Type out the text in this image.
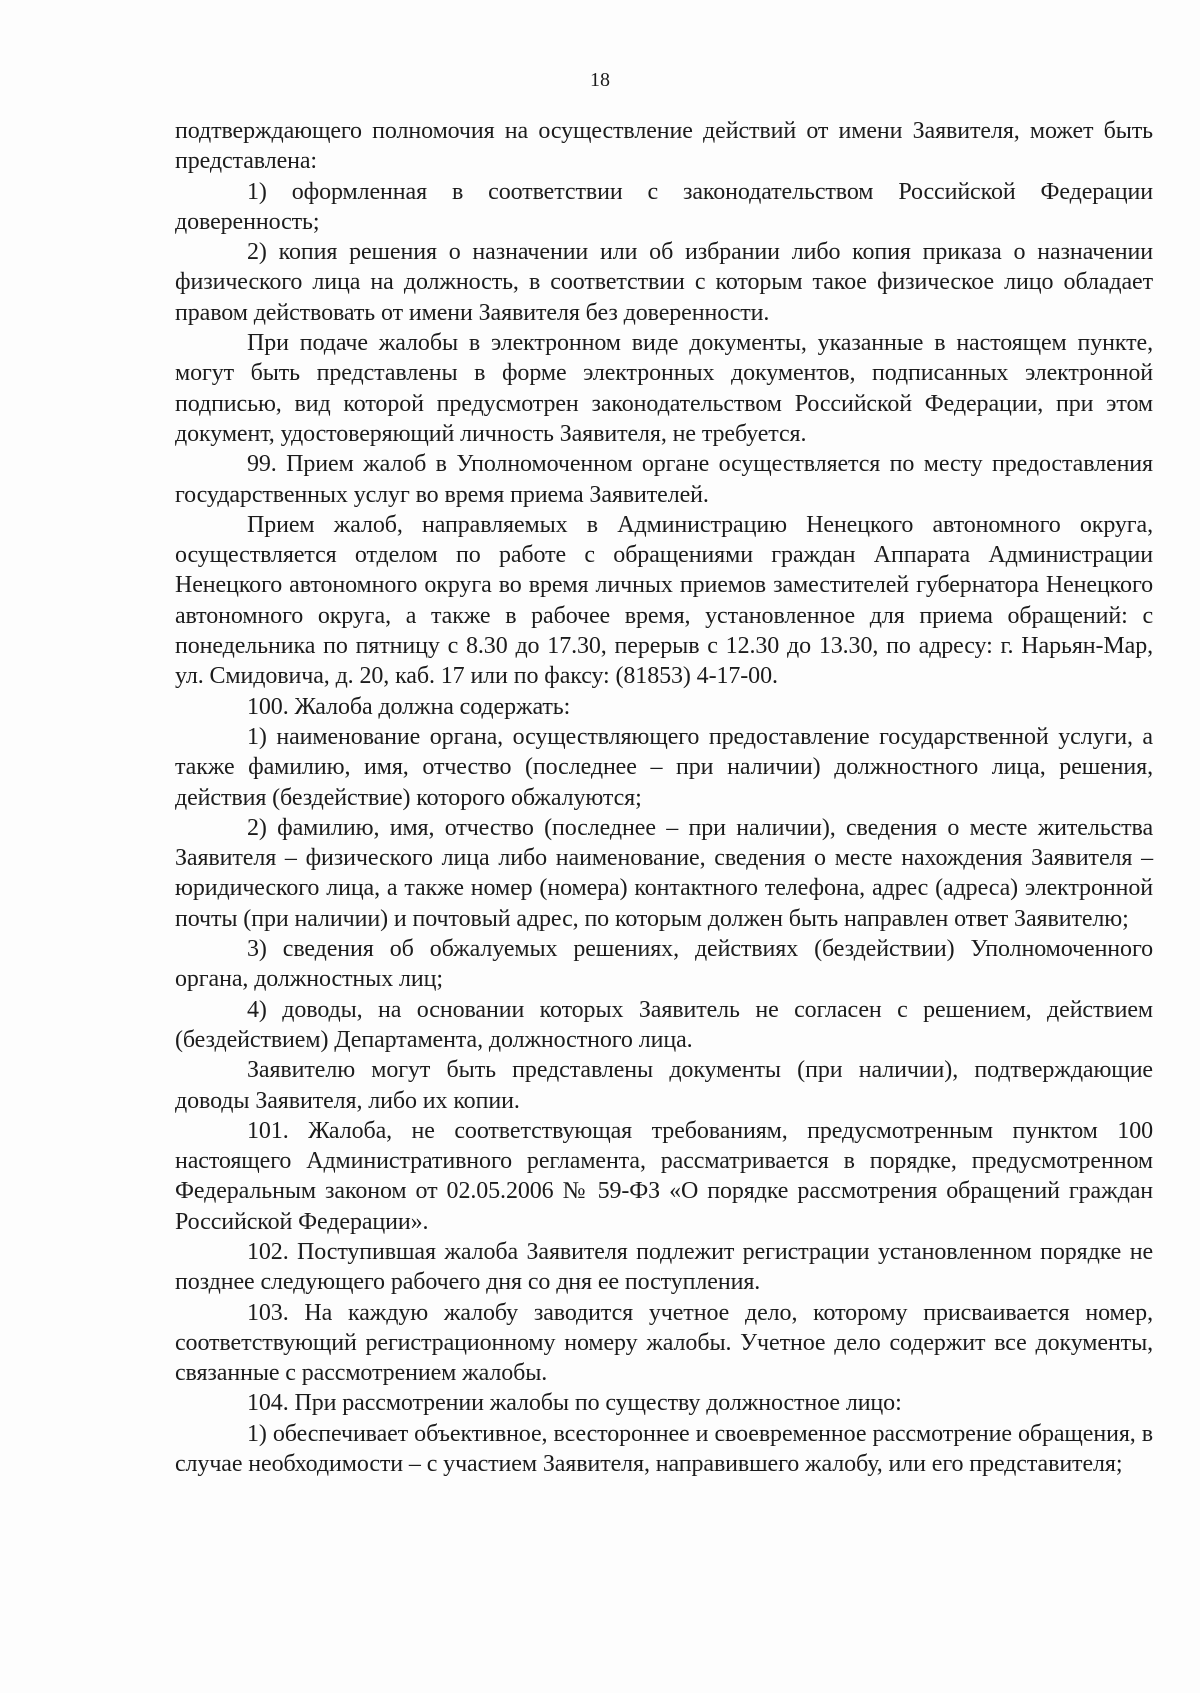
18

подтверждающего полномочия на осуществление действий от имени Заявителя, может быть представлена:

1) оформленная в соответствии с законодательством Российской Федерации доверенность;

2) копия решения о назначении или об избрании либо копия приказа о назначении физического лица на должность, в соответствии с которым такое физическое лицо обладает правом действовать от имени Заявителя без доверенности.

При подаче жалобы в электронном виде документы, указанные в настоящем пункте, могут быть представлены в форме электронных документов, подписанных электронной подписью, вид которой предусмотрен законодательством Российской Федерации, при этом документ, удостоверяющий личность Заявителя, не требуется.

99. Прием жалоб в Уполномоченном органе осуществляется по месту предоставления государственных услуг во время приема Заявителей.

Прием жалоб, направляемых в Администрацию Ненецкого автономного округа, осуществляется отделом по работе с обращениями граждан Аппарата Администрации Ненецкого автономного округа во время личных приемов заместителей губернатора Ненецкого автономного округа, а также в рабочее время, установленное для приема обращений: с понедельника по пятницу с 8.30 до 17.30, перерыв с 12.30 до 13.30, по адресу: г. Нарьян-Мар, ул. Смидовича, д. 20, каб. 17 или по факсу: (81853) 4-17-00.

100. Жалоба должна содержать:

1) наименование органа, осуществляющего предоставление государственной услуги, а также фамилию, имя, отчество (последнее – при наличии) должностного лица, решения, действия (бездействие) которого обжалуются;

2) фамилию, имя, отчество (последнее – при наличии), сведения о месте жительства Заявителя – физического лица либо наименование, сведения о месте нахождения Заявителя – юридического лица, а также номер (номера) контактного телефона, адрес (адреса) электронной почты (при наличии) и почтовый адрес, по которым должен быть направлен ответ Заявителю;

3) сведения об обжалуемых решениях, действиях (бездействии) Уполномоченного органа, должностных лиц;

4) доводы, на основании которых Заявитель не согласен с решением, действием (бездействием) Департамента, должностного лица.

Заявителю могут быть представлены документы (при наличии), подтверждающие доводы Заявителя, либо их копии.

101. Жалоба, не соответствующая требованиям, предусмотренным пунктом 100 настоящего Административного регламента, рассматривается в порядке, предусмотренном Федеральным законом от 02.05.2006 № 59-ФЗ «О порядке рассмотрения обращений граждан Российской Федерации».

102. Поступившая жалоба Заявителя подлежит регистрации установленном порядке не позднее следующего рабочего дня со дня ее поступления.

103. На каждую жалобу заводится учетное дело, которому присваивается номер, соответствующий регистрационному номеру жалобы. Учетное дело содержит все документы, связанные с рассмотрением жалобы.

104. При рассмотрении жалобы по существу должностное лицо:

1) обеспечивает объективное, всестороннее и своевременное рассмотрение обращения, в случае необходимости – с участием Заявителя, направившего жалобу, или его представителя;
